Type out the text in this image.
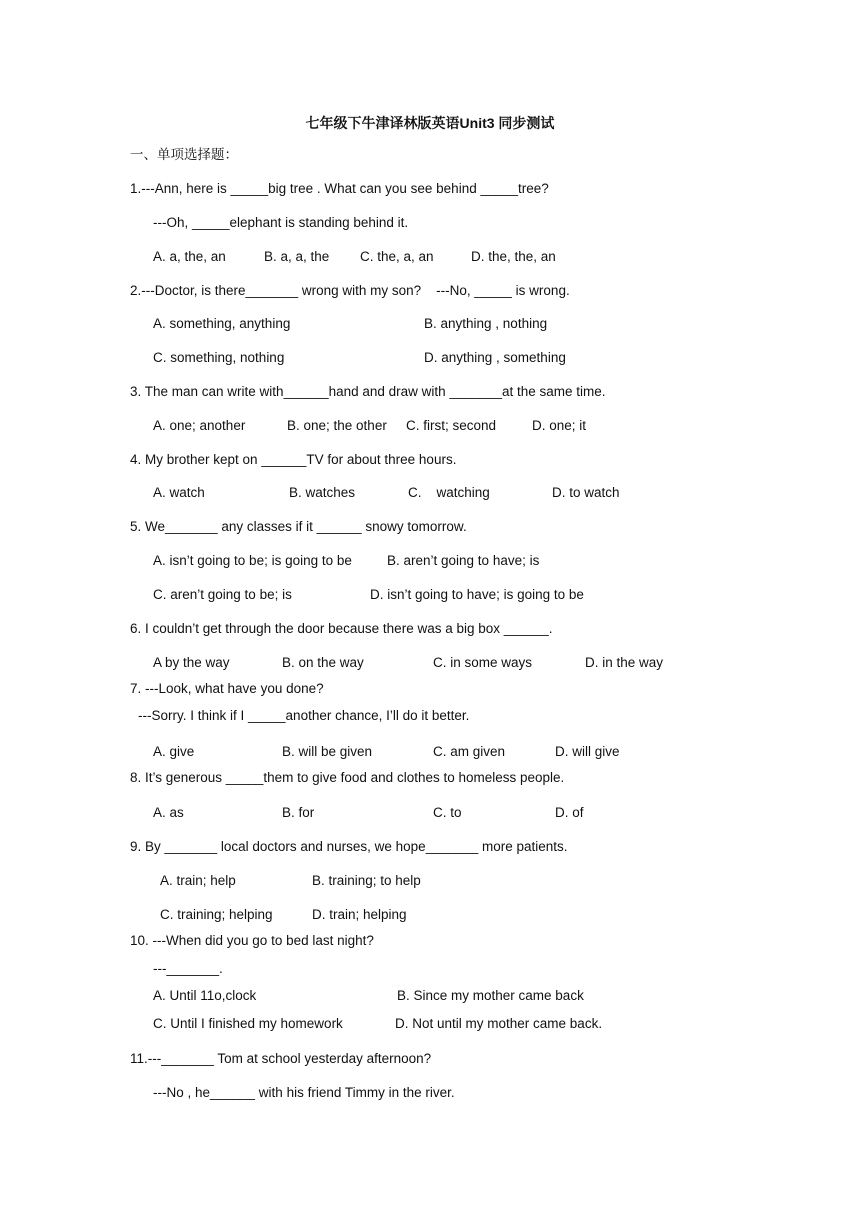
七年级下牛津译林版英语Unit3 同步测试
一、单项选择题：
1.---Ann, here is _____big tree . What can you see behind _____tree?
---Oh, _____elephant is standing behind it.
A. a, the, an	B. a, a, the C. the, a, an	D. the, the, an
2.---Doctor, is there_______ wrong with my son?    ---No, _____ is wrong.
A. something, anything	B. anything , nothing
C. something, nothing	D. anything , something
3. The man can write with______hand and draw with _______at the same time.
A. one; another	B. one; the other C. first; second	D. one; it
4. My brother kept on ______TV for about three hours.
A. watch	B. watches	C.    watching	D. to watch
5. We_______ any classes if it ______ snowy tomorrow.
A. isn’t going to be; is going to be	B. aren’t going to have; is
C. aren’t going to be; is	D. isn’t going to have; is going to be
6. I couldn’t get through the door because there was a big box ______.
A by the way	B. on the way	C. in some ways	D. in the way
7. ---Look, what have you done?
---Sorry. I think if I _____another chance, I’ll do it better.
A. give	B. will be given	C. am given	D. will give
8. It’s generous _____them to give food and clothes to homeless people.
A. as	B. for	C. to	D. of
9. By _______ local doctors and nurses, we hope_______ more patients.
A. train; help	B. training; to help
C. training; helping	D. train; helping
10. ---When did you go to bed last night?
---_______.
A. Until 11o,clock	B. Since my mother came back
C. Until I finished my homework	D. Not until my mother came back.
11.---_______ Tom at school yesterday afternoon?
---No , he______ with his friend Timmy in the river.
